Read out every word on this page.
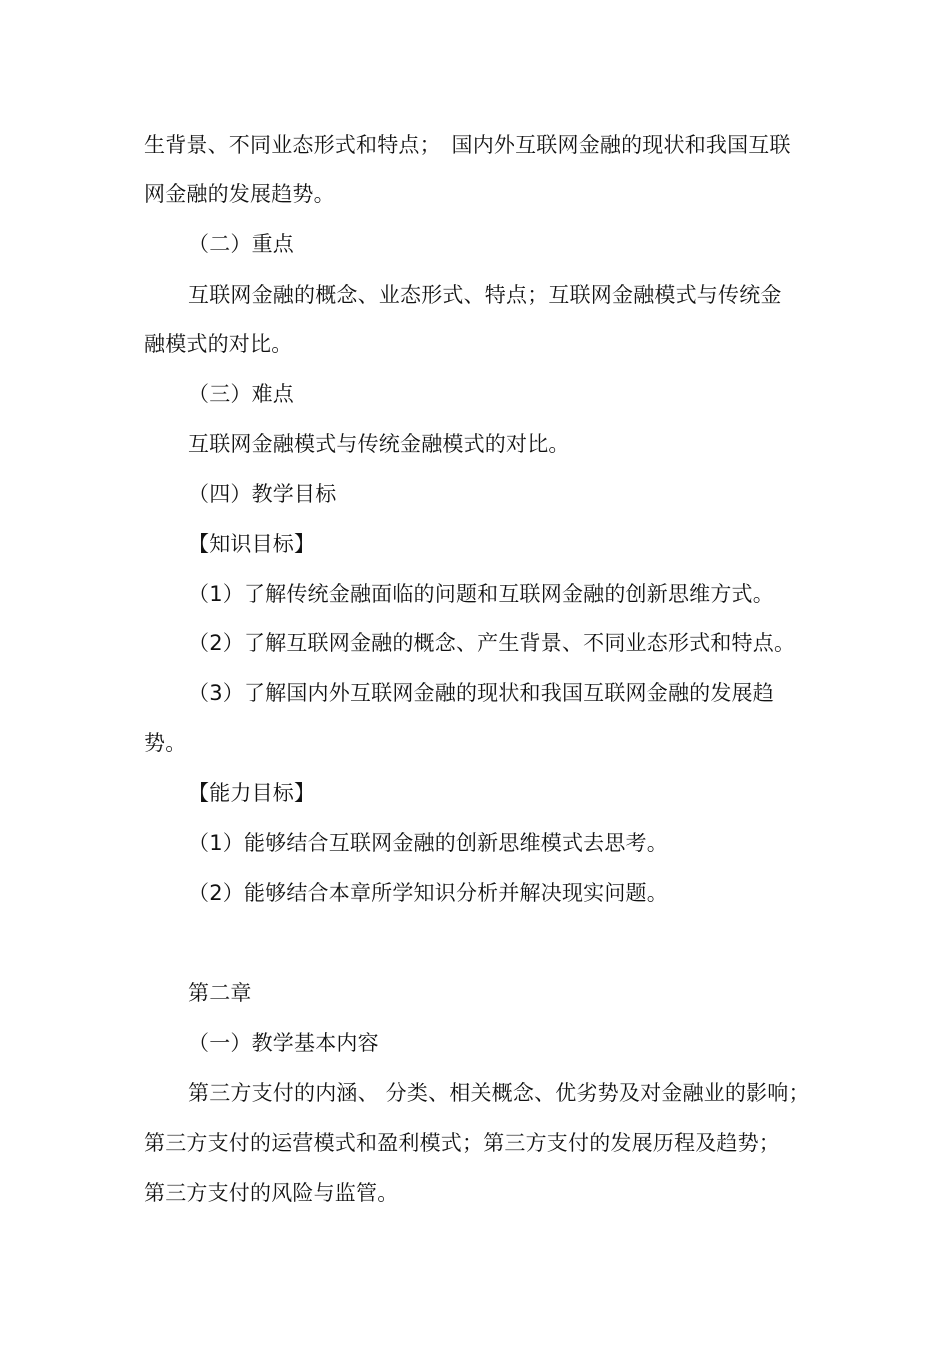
生背景、不同业态形式和特点；　国内外互联网金融的现状和我国互联
网金融的发展趋势。
（二）重点
互联网金融的概念、业态形式、特点；互联网金融模式与传统金
融模式的对比。
（三）难点
互联网金融模式与传统金融模式的对比。
（四）教学目标
【知识目标】
（1）了解传统金融面临的问题和互联网金融的创新思维方式。
（2）了解互联网金融的概念、产生背景、不同业态形式和特点。
（3）了解国内外互联网金融的现状和我国互联网金融的发展趋
势。
【能力目标】
（1）能够结合互联网金融的创新思维模式去思考。
（2）能够结合本章所学知识分析并解决现实问题。
第二章
（一）教学基本内容
第三方支付的内涵、 分类、相关概念、优劣势及对金融业的影响；
第三方支付的运营模式和盈利模式；第三方支付的发展历程及趋势；
第三方支付的风险与监管。
